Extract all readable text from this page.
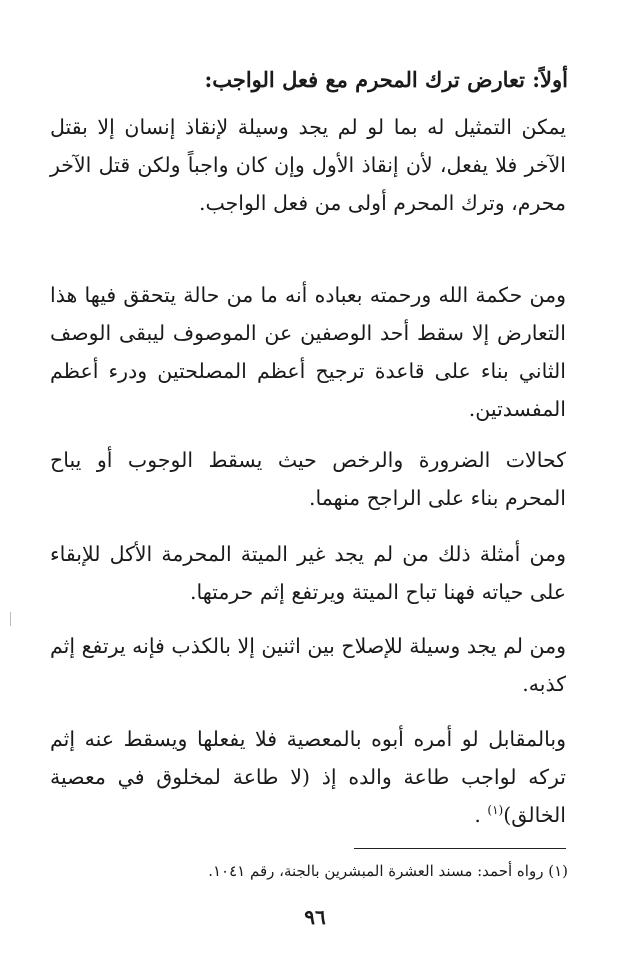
أولاً: تعارض ترك المحرم مع فعل الواجب:
يمكن التمثيل له بما لو لم يجد وسيلة لإنقاذ إنسان إلا بقتل الآخر فلا يفعل، لأن إنقاذ الأول وإن كان واجباً ولكن قتل الآخر محرم، وترك المحرم أولى من فعل الواجب.
ومن حكمة الله ورحمته بعباده أنه ما من حالة يتحقق فيها هذا التعارض إلا سقط أحد الوصفين عن الموصوف ليبقى الوصف الثاني بناء على قاعدة ترجيح أعظم المصلحتين ودرء أعظم المفسدتين.
كحالات الضرورة والرخص حيث يسقط الوجوب أو يباح المحرم بناء على الراجح منهما.
ومن أمثلة ذلك من لم يجد غير الميتة المحرمة الأكل للإبقاء على حياته فهنا تباح الميتة ويرتفع إثم حرمتها.
ومن لم يجد وسيلة للإصلاح بين اثنين إلا بالكذب فإنه يرتفع إثم كذبه.
وبالمقابل لو أمره أبوه بالمعصية فلا يفعلها ويسقط عنه إثم تركه لواجب طاعة والده إذ (لا طاعة لمخلوق في معصية الخالق)$^{(١)}$ .
(١) رواه أحمد: مسند العشرة المبشرين بالجنة، رقم ١٠٤١.
٩٦
